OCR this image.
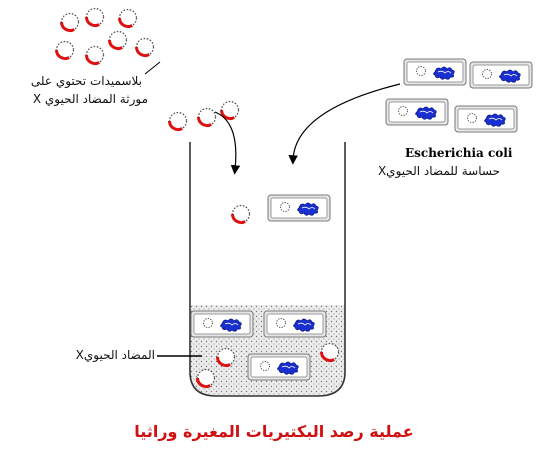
بلاسميدات تحتوي على
مورثة المضاد الحيوي X
Escherichia coli
حساسة للمضاد الحيويX
المضاد الحيويX
عملية رصد البكتيريات المغيرة وراثيا
